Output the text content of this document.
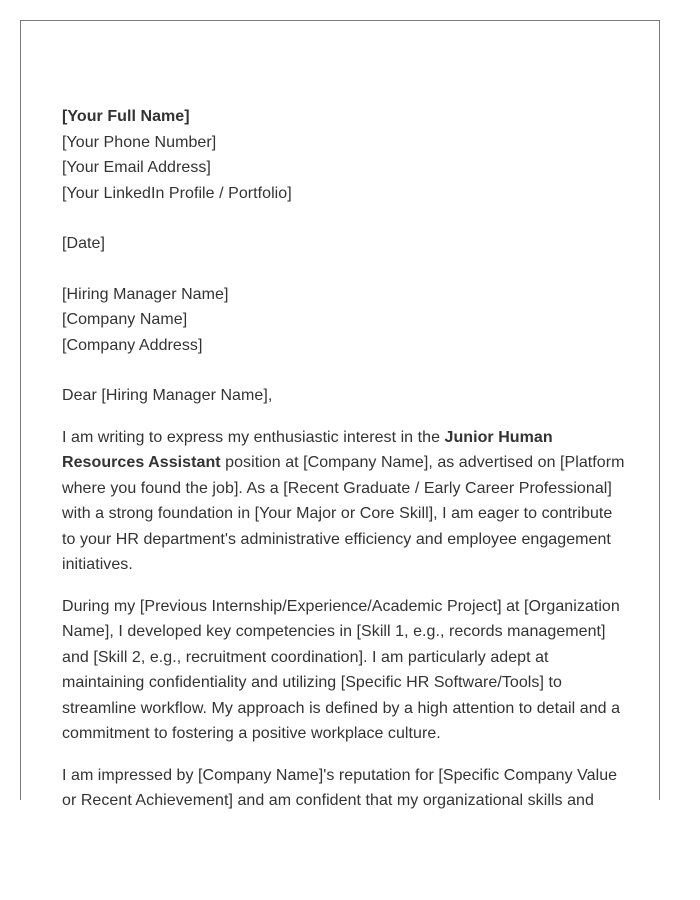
[Your Full Name]
[Your Phone Number]
[Your Email Address]
[Your LinkedIn Profile / Portfolio]
[Date]
[Hiring Manager Name]
[Company Name]
[Company Address]
Dear [Hiring Manager Name],

I am writing to express my enthusiastic interest in the Junior Human Resources Assistant position at [Company Name], as advertised on [Platform where you found the job]. As a [Recent Graduate / Early Career Professional] with a strong foundation in [Your Major or Core Skill], I am eager to contribute to your HR department's administrative efficiency and employee engagement initiatives.

During my [Previous Internship/Experience/Academic Project] at [Organization Name], I developed key competencies in [Skill 1, e.g., records management] and [Skill 2, e.g., recruitment coordination]. I am particularly adept at maintaining confidentiality and utilizing [Specific HR Software/Tools] to streamline workflow. My approach is defined by a high attention to detail and a commitment to fostering a positive workplace culture.

I am impressed by [Company Name]'s reputation for [Specific Company Value or Recent Achievement] and am confident that my organizational skills and
